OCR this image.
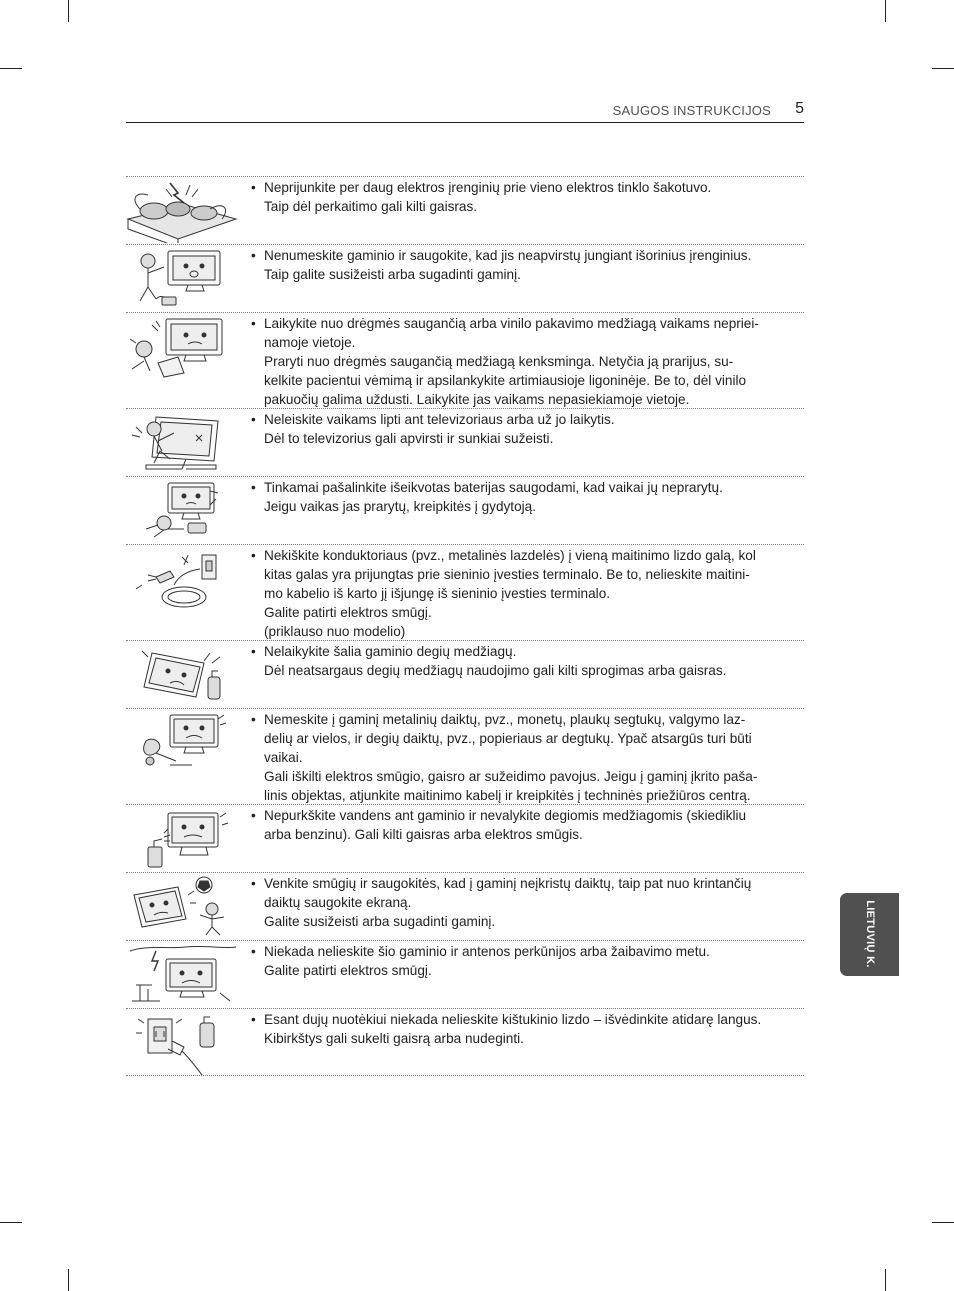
SAUGOS INSTRUKCIJOS 5
• Neprijunkite per daug elektros įrenginių prie vieno elektros tinklo šakotuvo.
Taip dėl perkaitimo gali kilti gaisras.
• Nenumeskite gaminio ir saugokite, kad jis neapvirstų jungiant išorinius įrenginius.
Taip galite susižeisti arba sugadinti gaminį.
• Laikykite nuo drėgmės saugančią arba vinilo pakavimo medžiagą vaikams nepriei-
namoje vietoje.
Praryti nuo drėgmės saugančią medžiagą kenksminga. Netyčia ją prarijus, su-
kelkite pacientui vėmimą ir apsilankykite artimiausioje ligoninėje. Be to, dėl vinilo
pakuočių galima uždusti. Laikykite jas vaikams nepasiekiamoje vietoje.
• Neleiskite vaikams lipti ant televizoriaus arba už jo laikytis.
Dėl to televizorius gali apvirsti ir sunkiai sužeisti.
• Tinkamai pašalinkite išeikvotas baterijas saugodami, kad vaikai jų neprarytų.
Jeigu vaikas jas prarytų, kreipkitės į gydytoją.
• Nekiškite konduktoriaus (pvz., metalinės lazdelės) į vieną maitinimo lizdo galą, kol
kitas galas yra prijungtas prie sieninio įvesties terminalo. Be to, nelieskite maitini-
mo kabelio iš karto jį išjungę iš sieninio įvesties terminalo.
Galite patirti elektros smūgį.
(priklauso nuo modelio)
• Nelaikykite šalia gaminio degių medžiagų.
Dėl neatsargaus degių medžiagų naudojimo gali kilti sprogimas arba gaisras.
• Nemeskite į gaminį metalinių daiktų, pvz., monetų, plaukų segtukų, valgymo laz-
delių ar vielos, ir degių daiktų, pvz., popieriaus ar degtukų. Ypač atsargūs turi būti
vaikai.
Gali iškilti elektros smūgio, gaisro ar sužeidimo pavojus. Jeigu į gaminį įkrito paša-
linis objektas, atjunkite maitinimo kabelį ir kreipkitės į techninės priežiūros centrą.
• Nepurkškite vandens ant gaminio ir nevalykite degiomis medžiagomis (skiedikliu
arba benzinu). Gali kilti gaisras arba elektros smūgis.
• Venkite smūgių ir saugokitės, kad į gaminį neįkristų daiktų, taip pat nuo krintančių
daiktų saugokite ekraną.
Galite susižeisti arba sugadinti gaminį.
• Niekada nelieskite šio gaminio ir antenos perkūnijos arba žaibavimo metu.
Galite patirti elektros smūgį.
• Esant dujų nuotėkiui niekada nelieskite kištukinio lizdo – išvėdinkite atidarę langus.
Kibirkštys gali sukelti gaisrą arba nudeginti.
LIETUVIŲ K.
